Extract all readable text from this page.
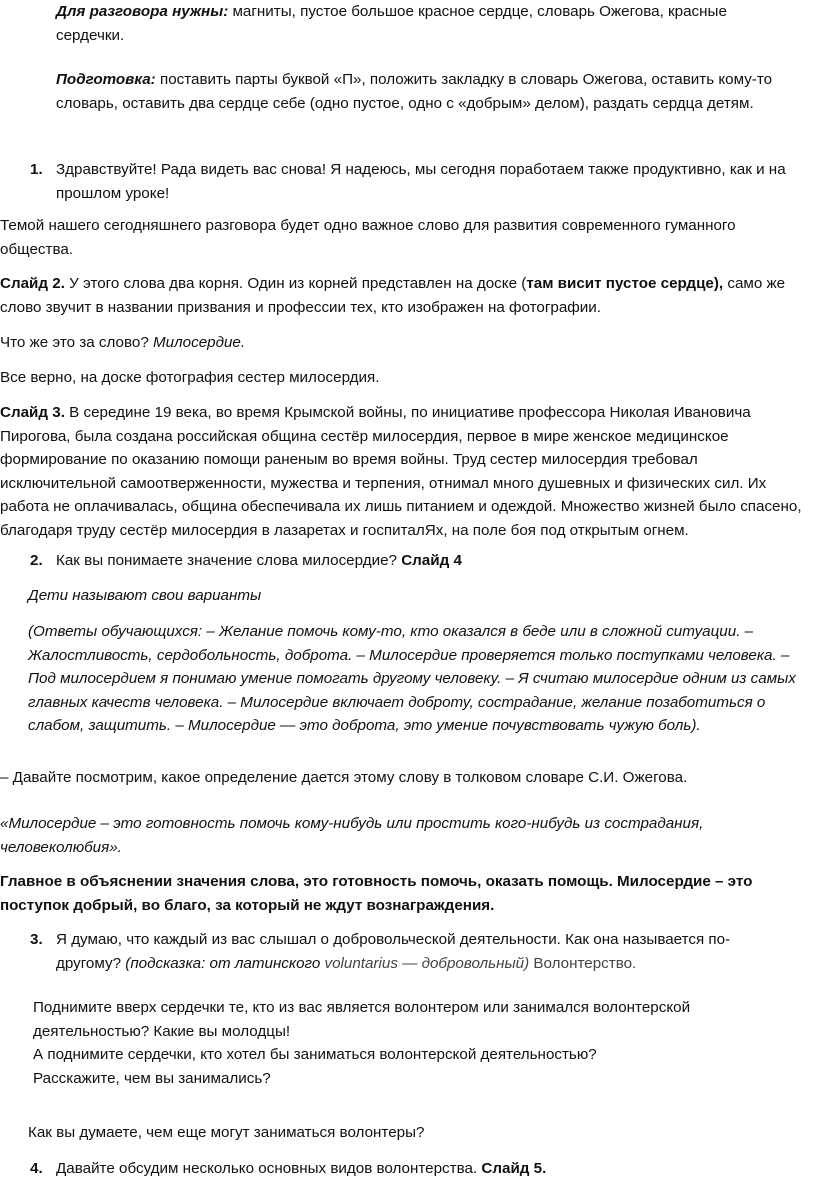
Для разговора нужны: магниты, пустое большое красное сердце, словарь Ожегова, красные сердечки.

Подготовка: поставить парты буквой «П», положить закладку в словарь Ожегова, оставить кому-то словарь, оставить два сердце себе (одно пустое, одно с «добрым» делом), раздать сердца детям.

1. Здравствуйте! Рада видеть вас снова! Я надеюсь, мы сегодня поработаем также продуктивно, как и на прошлом уроке!

Темой нашего сегодняшнего разговора будет одно важное слово для развития современного гуманного общества.

Слайд 2. У этого слова два корня. Один из корней представлен на доске (там висит пустое сердце), само же слово звучит в названии призвания и профессии тех, кто изображен на фотографии.

Что же это за слово? Милосердие.

Все верно, на доске фотография сестер милосердия.

Слайд 3. В середине 19 века, во время Крымской войны, по инициативе профессора Николая Ивановича Пирогова, была создана российская община сестёр милосердия, первое в мире женское медицинское формирование по оказанию помощи раненым во время войны. Труд сестер милосердия требовал исключительной самоотверженности, мужества и терпения, отнимал много душевных и физических сил. Их работа не оплачивалась, община обеспечивала их лишь питанием и одеждой. Множество жизней было спасено, благодаря труду сестёр милосердия в лазаретах и госпиталЯх, на поле боя под открытым огнем.

2. Как вы понимаете значение слова милосердие? Слайд 4

Дети называют свои варианты

(Ответы обучающихся: – Желание помочь кому-то, кто оказался в беде или в сложной ситуации. – Жалостливость, сердобольность, доброта. – Милосердие проверяется только поступками человека. – Под милосердием я понимаю умение помогать другому человеку. – Я считаю милосердие одним из самых главных качеств человека. – Милосердие включает доброту, сострадание, желание позаботиться о слабом, защитить. – Милосердие — это доброта, это умение почувствовать чужую боль).

– Давайте посмотрим, какое определение дается этому слову в толковом словаре С.И. Ожегова.

«Милосердие – это готовность помочь кому-нибудь или простить кого-нибудь из сострадания, человеколюбия».

Главное в объяснении значения слова, это готовность помочь, оказать помощь. Милосердие – это поступок добрый, во благо, за который не ждут вознаграждения.

3. Я думаю, что каждый из вас слышал о добровольческой деятельности. Как она называется по-другому? (подсказка: от латинского voluntarius — добровольный) Волонтерство.

Поднимите вверх сердечки те, кто из вас является волонтером или занимался волонтерской деятельностью? Какие вы молодцы!

А поднимите сердечки, кто хотел бы заниматься волонтерской деятельностью?

Расскажите, чем вы занимались?

Как вы думаете, чем еще могут заниматься волонтеры?

4. Давайте обсудим несколько основных видов волонтерства. Слайд 5.
